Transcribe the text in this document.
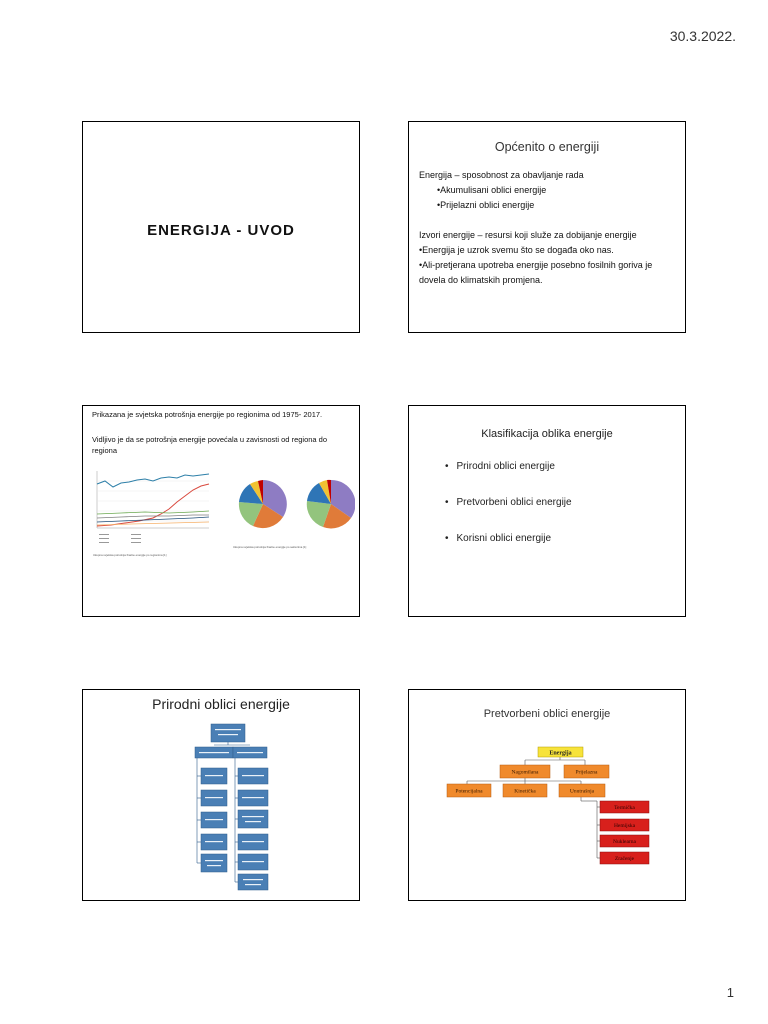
30.3.2022.
ENERGIJA - UVOD
Općenito o energiji
Energija – sposobnost za obavljanje rada
•Akumulisani oblici energije
•Prijelazni oblici energije
Izvori energije – resursi koji služe za dobijanje energije
•Energija je uzrok svemu što se događa oko nas.
•Ali-pretjerana upotreba energije posebno fosilnih goriva je dovela do klimatskih promjena.
Prikazana je svjetska potrošnja energije po regionima od 1975- 2017.
Vidljivo je da se potrošnja energije povećala u zavisnosti od regiona do regiona
Ukupna svjetska potrošnja finalne energije po regionima [1]
Ukupna svjetska potrošnja finalne energije po sektorima [1]
Klasifikacija oblika energije
• Prirodni oblici energije
• Pretvorbeni oblici energije
• Korisni oblici energije
Prirodni oblici energije
Pretvorbeni oblici energije
Energija
Nagomilana	Prijelazna
Potencijalna	Kinetička	Unutrašnja
Termička
Hemijska
Nuklearna
Zračenje
1
